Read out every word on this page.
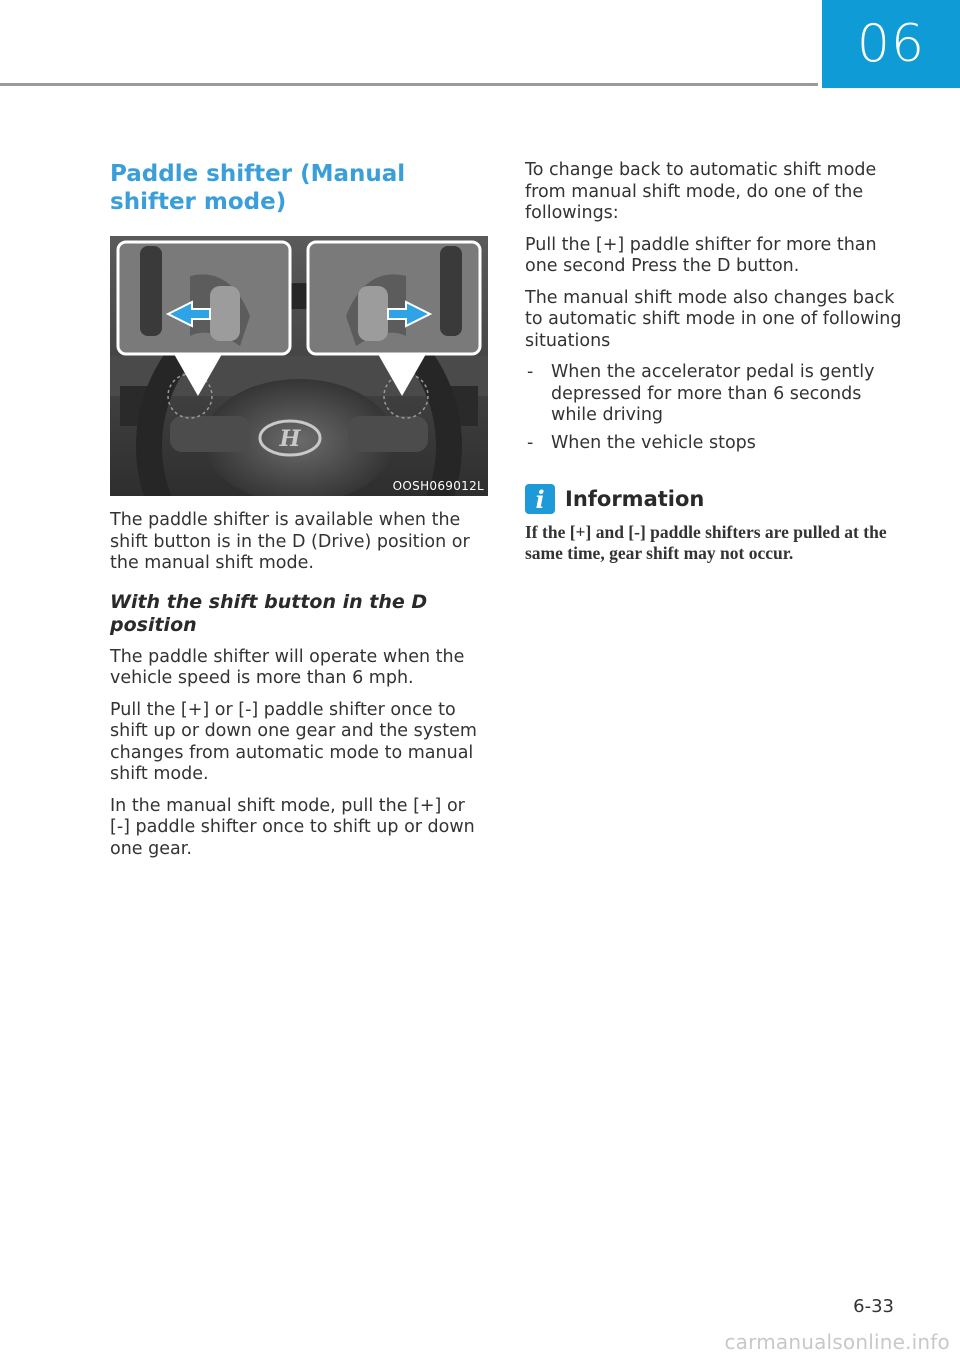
06
Paddle shifter (Manual shifter mode)
H
OOSH069012L

The paddle shifter is available when the shift button is in the D (Drive) position or the manual shift mode.

With the shift button in the D position

The paddle shifter will operate when the vehicle speed is more than 6 mph.

Pull the [+] or [-] paddle shifter once to shift up or down one gear and the system changes from automatic mode to manual shift mode.

In the manual shift mode, pull the [+] or [-] paddle shifter once to shift up or down one gear.

To change back to automatic shift mode from manual shift mode, do one of the followings:

Pull the [+] paddle shifter for more than one second Press the D button.

The manual shift mode also changes back to automatic shift mode in one of following situations

- When the accelerator pedal is gently depressed for more than 6 seconds while driving
- When the vehicle stops
i Information

If the [+] and [-] paddle shifters are pulled at the same time, gear shift may not occur.

6-33
carmanualsonline.info
